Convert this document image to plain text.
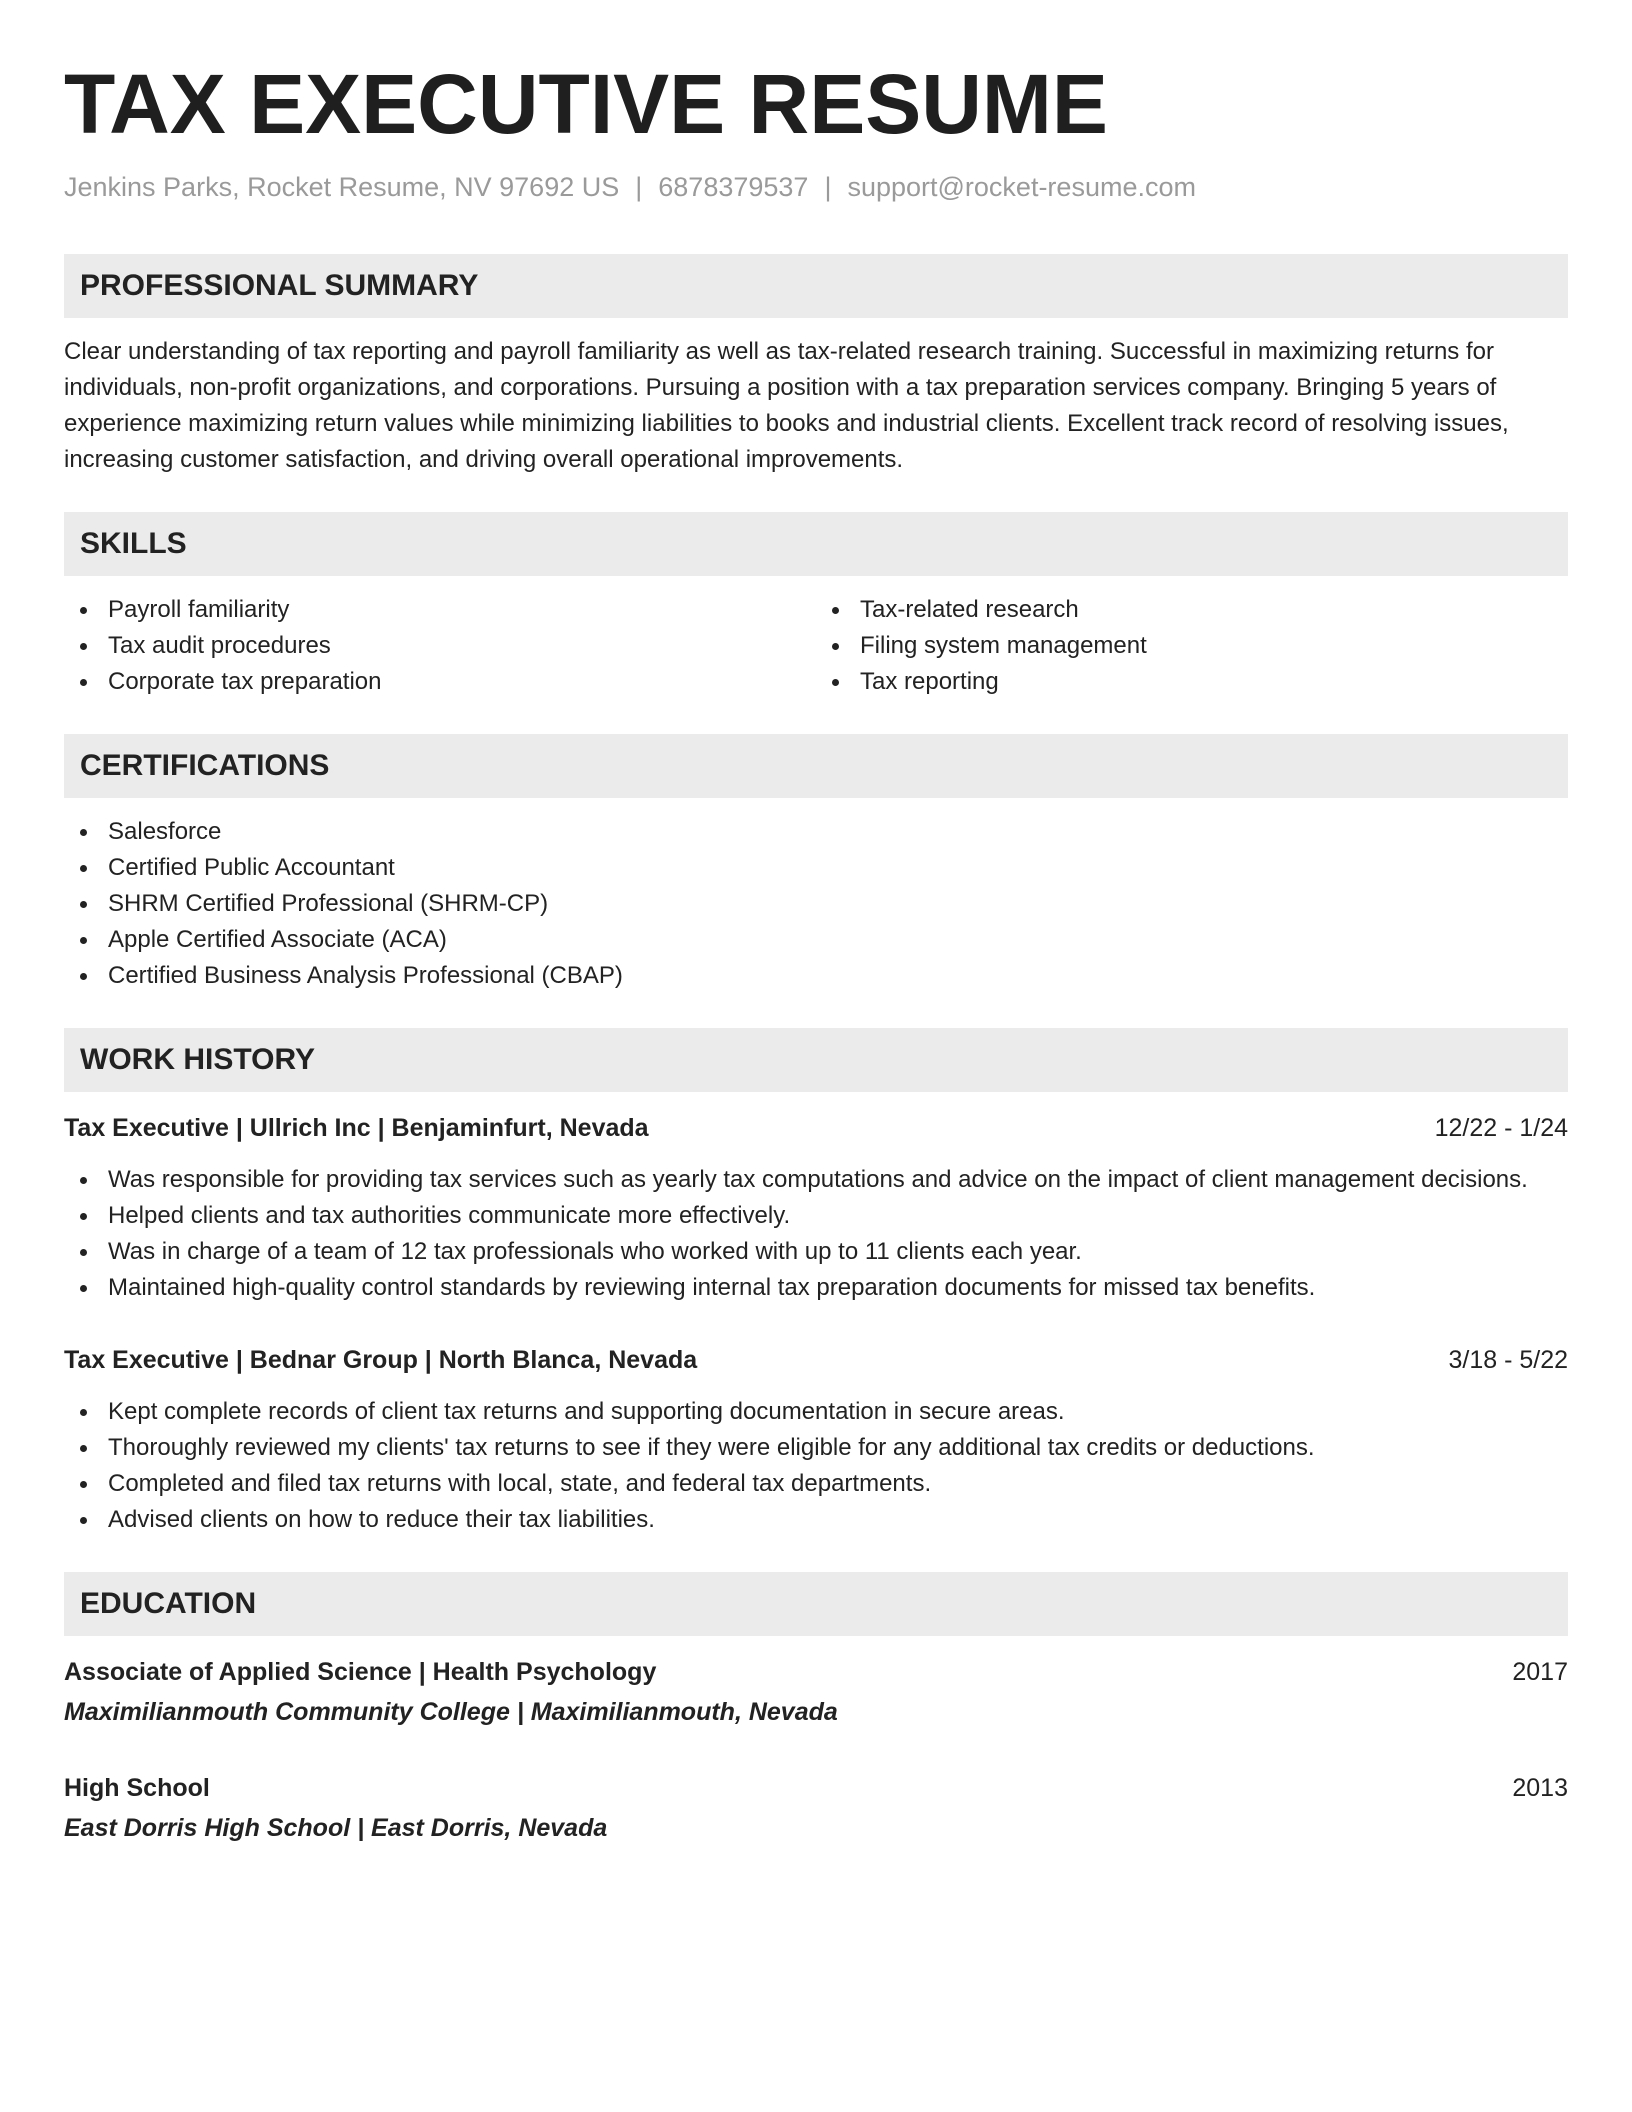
TAX EXECUTIVE RESUME
Jenkins Parks, Rocket Resume, NV 97692 US | 6878379537 | support@rocket-resume.com
PROFESSIONAL SUMMARY
Clear understanding of tax reporting and payroll familiarity as well as tax-related research training. Successful in maximizing returns for individuals, non-profit organizations, and corporations. Pursuing a position with a tax preparation services company. Bringing 5 years of experience maximizing return values while minimizing liabilities to books and industrial clients. Excellent track record of resolving issues, increasing customer satisfaction, and driving overall operational improvements.
SKILLS
Payroll familiarity
Tax audit procedures
Corporate tax preparation
Tax-related research
Filing system management
Tax reporting
CERTIFICATIONS
Salesforce
Certified Public Accountant
SHRM Certified Professional (SHRM-CP)
Apple Certified Associate (ACA)
Certified Business Analysis Professional (CBAP)
WORK HISTORY
Tax Executive | Ullrich Inc | Benjaminfurt, Nevada	12/22 - 1/24
Was responsible for providing tax services such as yearly tax computations and advice on the impact of client management decisions.
Helped clients and tax authorities communicate more effectively.
Was in charge of a team of 12 tax professionals who worked with up to 11 clients each year.
Maintained high-quality control standards by reviewing internal tax preparation documents for missed tax benefits.
Tax Executive | Bednar Group | North Blanca, Nevada	3/18 - 5/22
Kept complete records of client tax returns and supporting documentation in secure areas.
Thoroughly reviewed my clients' tax returns to see if they were eligible for any additional tax credits or deductions.
Completed and filed tax returns with local, state, and federal tax departments.
Advised clients on how to reduce their tax liabilities.
EDUCATION
Associate of Applied Science | Health Psychology	2017
Maximilianmouth Community College | Maximilianmouth, Nevada
High School	2013
East Dorris High School | East Dorris, Nevada
